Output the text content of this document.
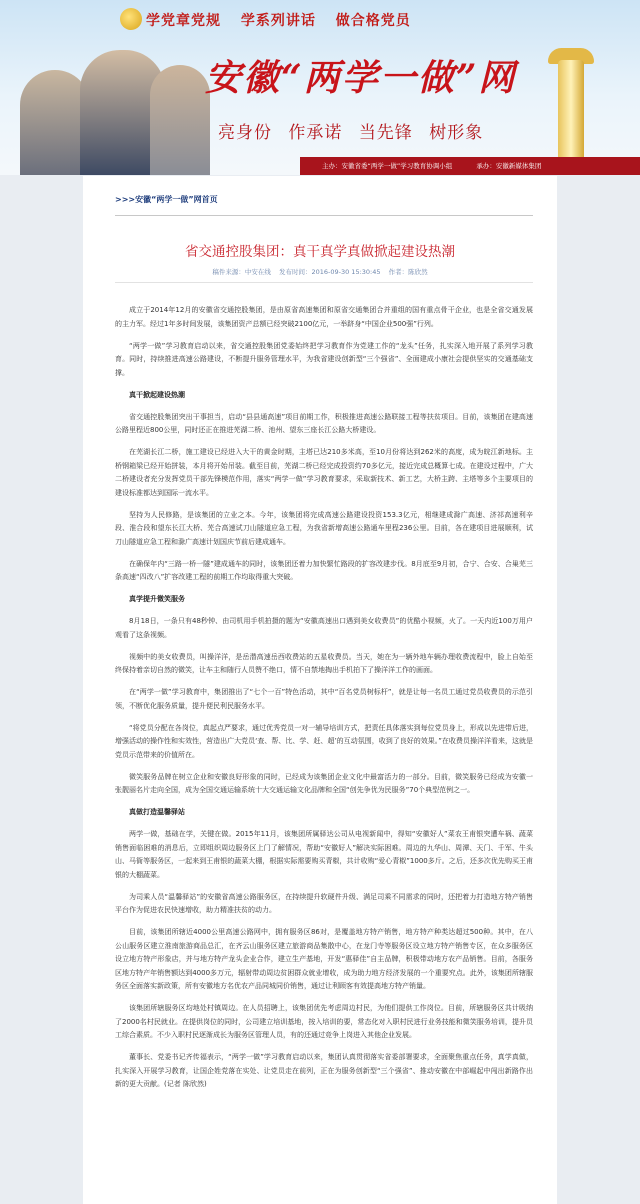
学党章党规 学系列讲话 做合格党员
安徽“两学一做”网
亮身份 作承诺 当先锋 树形象
主办：安徽省委“两学一做”学习教育协调小组	承办：安徽新媒体集团
>>>安徽“两学一做”网首页
省交通控股集团：真干真学真做掀起建设热潮
稿件来源：中安在线 发布时间：2016-09-30 15:30:45 作者：陈欣然

成立于2014年12月的安徽省交通控股集团，是由原省高速集团和原省交通集团合并重组的国有重点骨干企业，也是全省交通发展的主力军。经过1年多时间发展，该集团资产总额已经突破2100亿元，一举跻身“中国企业500强”行列。

“两学一做”学习教育启动以来，省交通控股集团党委始终把学习教育作为党建工作的“龙头”任务，扎实深入地开展了系列学习教育。同时，持续推进高速公路建设，不断提升服务管理水平，为我省建设创新型“三个强省”、全面建成小康社会提供坚实的交通基础支撑。

真干掀起建设热潮

省交通控股集团突出干事担当，启动“县县通高速”项目前期工作，积极推进高速公路联接工程等扶贫项目。目前，该集团在建高速公路里程近800公里，同时还正在推进芜湖二桥、池州、望东三座长江公路大桥建设。

在芜湖长江二桥，施工建设已经进入大干的黄金时期，主塔已达210多米高，至10月份将达到262米的高度，成为皖江新地标。主桥钢箱梁已经开始拼装，本月将开始吊装。截至目前，芜湖二桥已经完成投资约70多亿元，接近完成总概算七成。在建设过程中，广大二桥建设者充分发挥党员干部先锋模范作用，落实“两学一做”学习教育要求，采取新技术、新工艺，大桥主跨、主塔等多个主要项目的建设标准都达到国际一流水平。

坚持为人民修路，是该集团的立业之本。今年，该集团将完成高速公路建设投资153.3亿元，相继建成滁广高速、济祁高速利辛段、淮合段和望东长江大桥、芜合高速试刀山隧道应急工程，为我省新增高速公路通车里程236公里。目前，各在建项目进展顺利，试刀山隧道应急工程和滁广高速计划国庆节前后建成通车。

在确保年内“三路一桥一隧”建成通车的同时，该集团还着力加快繁忙路段的扩容改建步伐。8月底至9月初，合宁、合安、合巢芜三条高速“四改八”扩容改建工程的前期工作均取得重大突破。

真学提升微笑服务

8月18日，一条只有48秒钟、由司机用手机拍摄的题为“安徽高速出口遇到美女收费员”的优酷小视频，火了。一天内近100万用户观看了这条视频。

视频中的美女收费员，叫操洋洋，是岳潜高速岳西收费站的五星收费员。当天，她在为一辆外地车辆办理收费流程中，脸上自始至终保持着亲切自然的微笑，让车主和随行人员赞不绝口，情不自禁地掏出手机拍下了操洋洋工作的画面。

在“两学一做”学习教育中，集团推出了“七个一百”特色活动，其中“百名党员树标杆”，就是让每一名员工通过党员收费员的示范引领，不断优化服务质量，提升便民利民服务水平。

“将党员分配在各岗位，真起点严要求，通过优秀党员一对一辅导培训方式，把责任具体落实到每位党员身上，形成以先进带后进，增强活动的操作性和实效性，营造出广大党员‘查、帮、比、学、赶、超’的互动氛围，收到了良好的效果。”在收费员操洋洋看来，这就是党员示范带来的价值所在。

微笑服务品牌在树立企业和安徽良好形象的同时，已经成为该集团企业文化中最富活力的一部分。目前，微笑服务已经成为安徽一张靓丽名片走向全国，成为全国交通运输系统十大交通运输文化品牌和全国“创先争优为民服务”70个典型范例之一。

真做打造温馨驿站

两学一做，基础在学，关键在做。2015年11月，该集团所属驿达公司从电视新闻中，得知“安徽好人”菜农王甫银突遭车祸、蔬菜销售面临困难的消息后，立即组织周边服务区上门了解情况，帮助“安徽好人”解决实际困难。周边的九华山、周潭、天门、千军、牛头山、马衙等服务区，一起来到王甫银的蔬菜大棚，根据实际需要购买青椒，共计收购“爱心青椒”1000多斤。之后，还多次优先购买王甫银的大棚蔬菜。

为司乘人员“温馨驿站”的安徽省高速公路服务区，在持续提升软硬件升级、满足司乘不同需求的同时，还把着力打造地方特产销售平台作为促进农民快速增收，助力精准扶贫的动力。

目前，该集团所辖近4000公里高速公路网中，拥有服务区86对，是覆盖地方特产销售，地方特产种类达超过500种。其中，在八公山服务区建立淮南旅游商品总汇，在齐云山服务区建立旅游商品集散中心，在龙门寺等服务区设立地方特产销售专区，在众多服务区设立地方特产形象店，并与地方特产龙头企业合作，建立生产基地，开发“惠驿佳”自主品牌，积极带动地方农产品销售。目前，各服务区地方特产年销售额达到4000多万元，辐射带动周边贫困群众就业增收，成为助力地方经济发展的一个重要究点。此外，该集团所辖服务区全面落实新政策，所有安徽地方名优农产品同城同价销售，通过让利顾客有效提高地方特产销量。

该集团所辖服务区均地处村镇周边。在人员招聘上，该集团优先考虑周边村民，为他们提供工作岗位。目前，所辖服务区共计吸纳了2000名村民就业。在提供岗位的同时，公司建立培训基地，按入培训的要，常态化对入职村民进行业务技能和微笑服务培训，提升员工综合素质。不少入职村民逐渐成长为服务区管理人员，有的还通过竞争上岗进入其他企业发展。

董事长、党委书记齐传福表示，“两学一做”学习教育启动以来，集团认真贯彻落实省委部署要求，全面聚焦重点任务，真学真做，扎实深入开展学习教育，让国企姓党落在实处、让党员走在前列，正在为服务创新型“三个强省”、推动安徽在中部崛起中闯出新路作出新的更大贡献。(记者 陈欣然)
